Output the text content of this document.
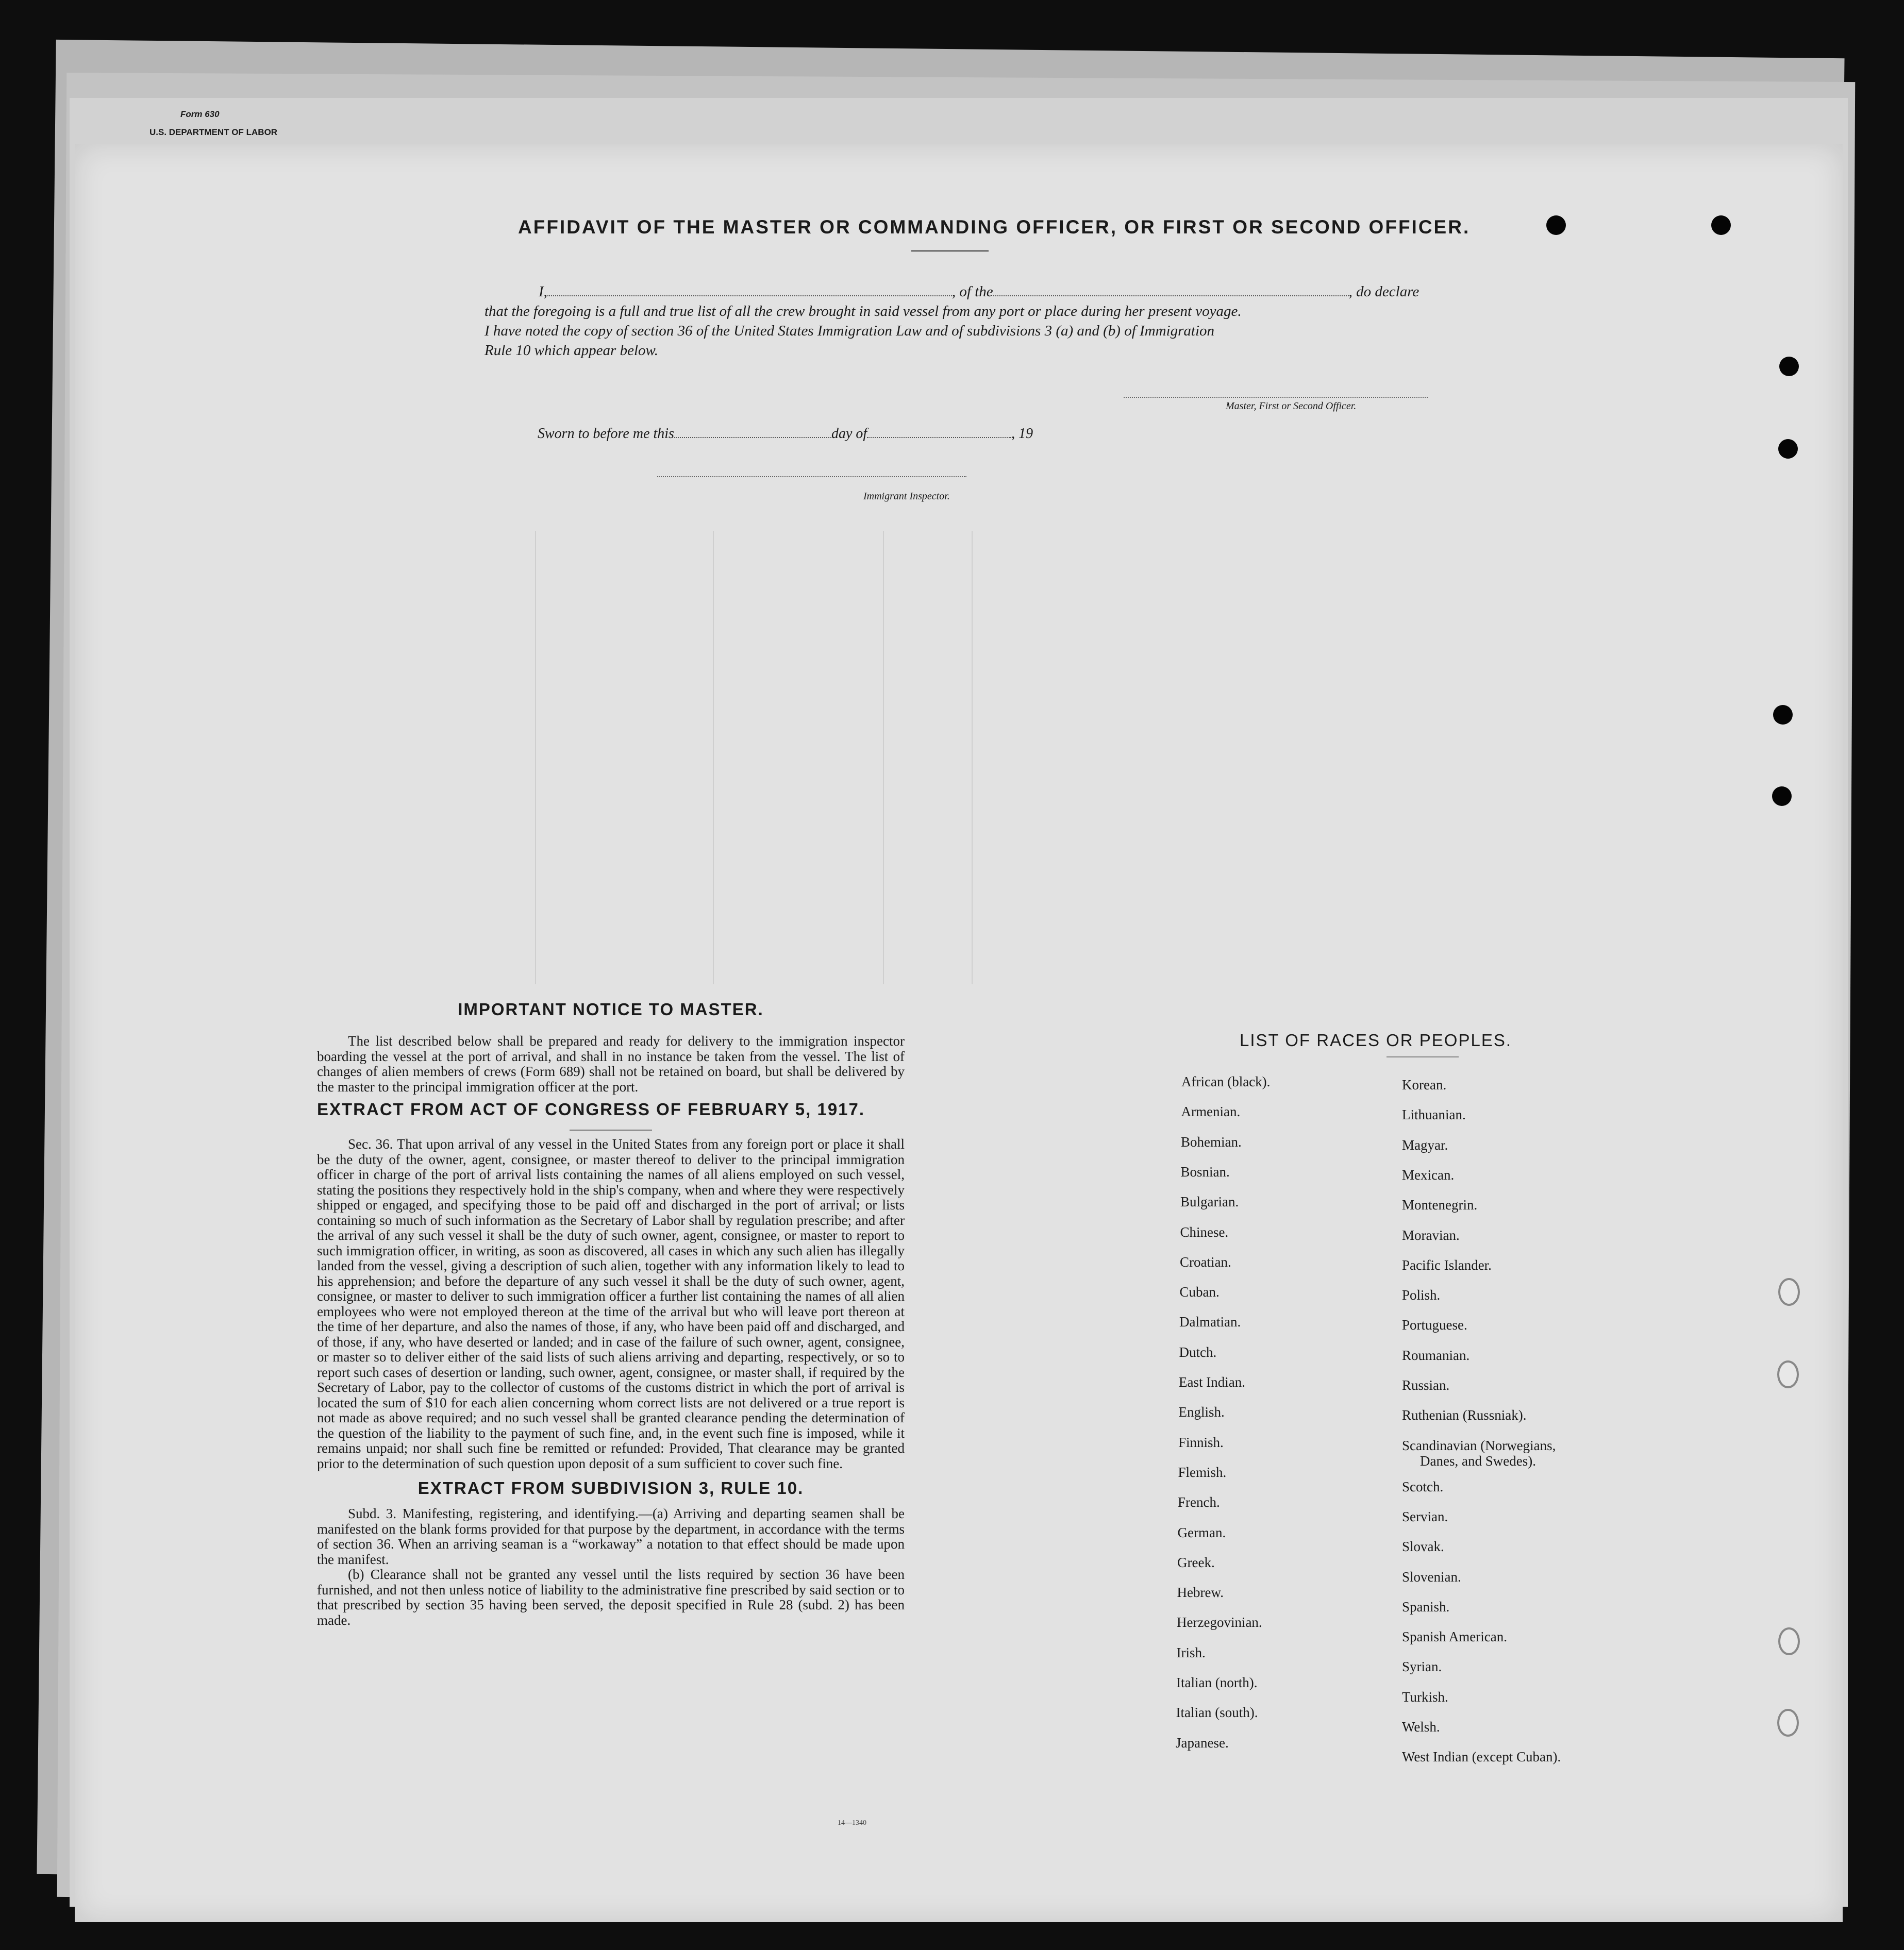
Form 630
U.S. DEPARTMENT OF LABOR
AFFIDAVIT OF THE MASTER OR COMMANDING OFFICER, OR FIRST OR SECOND OFFICER.
I,	, of the	, do declare
that the foregoing is a full and true list of all the crew brought in said vessel from any port or place during her present voyage.
I have noted the copy of section 36 of the United States Immigration Law and of subdivisions 3 (a) and (b) of Immigration
Rule 10 which appear below.
Master, First or Second Officer.
Sworn to before me this	day of	, 19
Immigrant Inspector.
IMPORTANT NOTICE TO MASTER.
The list described below shall be prepared and ready for delivery to the immigration inspector boarding the vessel at the port of arrival, and shall in no instance be taken from the vessel. The list of changes of alien members of crews (Form 689) shall not be retained on board, but shall be delivered by the master to the principal immigration officer at the port.
EXTRACT FROM ACT OF CONGRESS OF FEBRUARY 5, 1917.
Sec. 36. That upon arrival of any vessel in the United States from any foreign port or place it shall be the duty of the owner, agent, consignee, or master thereof to deliver to the principal immigration officer in charge of the port of arrival lists containing the names of all aliens employed on such vessel, stating the positions they respectively hold in the ship's company, when and where they were respectively shipped or engaged, and specifying those to be paid off and discharged in the port of arrival; or lists containing so much of such information as the Secretary of Labor shall by regulation prescribe; and after the arrival of any such vessel it shall be the duty of such owner, agent, consignee, or master to report to such immigration officer, in writing, as soon as discovered, all cases in which any such alien has illegally landed from the vessel, giving a description of such alien, together with any information likely to lead to his apprehension; and before the departure of any such vessel it shall be the duty of such owner, agent, consignee, or master to deliver to such immigration officer a further list containing the names of all alien employees who were not employed thereon at the time of the arrival but who will leave port thereon at the time of her departure, and also the names of those, if any, who have been paid off and discharged, and of those, if any, who have deserted or landed; and in case of the failure of such owner, agent, consignee, or master so to deliver either of the said lists of such aliens arriving and departing, respectively, or so to report such cases of desertion or landing, such owner, agent, consignee, or master shall, if required by the Secretary of Labor, pay to the collector of customs of the customs district in which the port of arrival is located the sum of $10 for each alien concerning whom correct lists are not delivered or a true report is not made as above required; and no such vessel shall be granted clearance pending the determination of the question of the liability to the payment of such fine, and, in the event such fine is imposed, while it remains unpaid; nor shall such fine be remitted or refunded: Provided, That clearance may be granted prior to the determination of such question upon deposit of a sum sufficient to cover such fine.
EXTRACT FROM SUBDIVISION 3, RULE 10.
Subd. 3. Manifesting, registering, and identifying.—(a) Arriving and departing seamen shall be manifested on the blank forms provided for that purpose by the department, in accordance with the terms of section 36. When an arriving seaman is a “workaway” a notation to that effect should be made upon the manifest.
(b) Clearance shall not be granted any vessel until the lists required by section 36 have been furnished, and not then unless notice of liability to the administrative fine prescribed by said section or to that prescribed by section 35 having been served, the deposit specified in Rule 28 (subd. 2) has been made.
14—1340
LIST OF RACES OR PEOPLES.
African (black).
Armenian.
Bohemian.
Bosnian.
Bulgarian.
Chinese.
Croatian.
Cuban.
Dalmatian.
Dutch.
East Indian.
English.
Finnish.
Flemish.
French.
German.
Greek.
Hebrew.
Herzegovinian.
Irish.
Italian (north).
Italian (south).
Japanese.
Korean.
Lithuanian.
Magyar.
Mexican.
Montenegrin.
Moravian.
Pacific Islander.
Polish.
Portuguese.
Roumanian.
Russian.
Ruthenian (Russniak).
Scandinavian (Norwegians,
Danes, and Swedes).
Scotch.
Servian.
Slovak.
Slovenian.
Spanish.
Spanish American.
Syrian.
Turkish.
Welsh.
West Indian (except Cuban).
